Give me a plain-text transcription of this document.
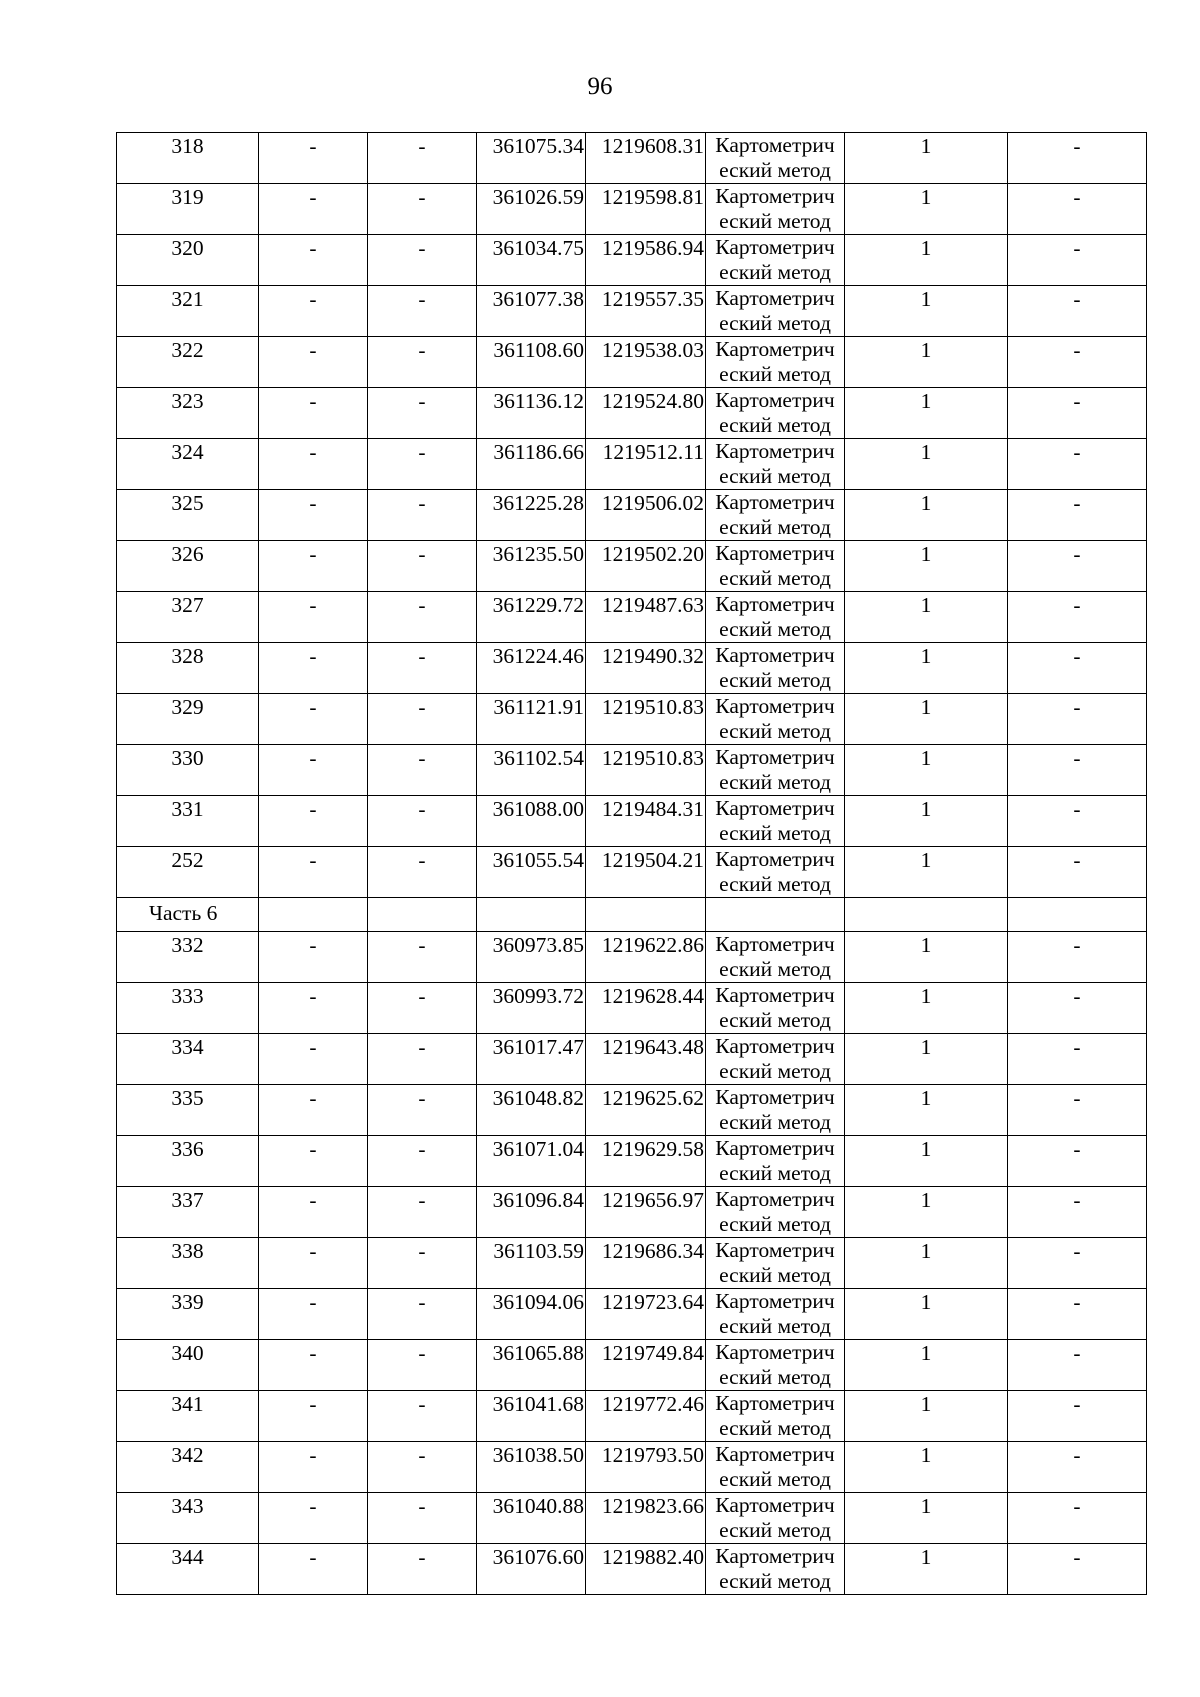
96
318	-	-	361075.34	1219608.31	Картометрич
еский метод	1	-
319	-	-	361026.59	1219598.81	Картометрич
еский метод	1	-
320	-	-	361034.75	1219586.94	Картометрич
еский метод	1	-
321	-	-	361077.38	1219557.35	Картометрич
еский метод	1	-
322	-	-	361108.60	1219538.03	Картометрич
еский метод	1	-
323	-	-	361136.12	1219524.80	Картометрич
еский метод	1	-
324	-	-	361186.66	1219512.11	Картометрич
еский метод	1	-
325	-	-	361225.28	1219506.02	Картометрич
еский метод	1	-
326	-	-	361235.50	1219502.20	Картометрич
еский метод	1	-
327	-	-	361229.72	1219487.63	Картометрич
еский метод	1	-
328	-	-	361224.46	1219490.32	Картометрич
еский метод	1	-
329	-	-	361121.91	1219510.83	Картометрич
еский метод	1	-
330	-	-	361102.54	1219510.83	Картометрич
еский метод	1	-
331	-	-	361088.00	1219484.31	Картометрич
еский метод	1	-
252	-	-	361055.54	1219504.21	Картометрич
еский метод	1	-
Часть 6							
332	-	-	360973.85	1219622.86	Картометрич
еский метод	1	-
333	-	-	360993.72	1219628.44	Картометрич
еский метод	1	-
334	-	-	361017.47	1219643.48	Картометрич
еский метод	1	-
335	-	-	361048.82	1219625.62	Картометрич
еский метод	1	-
336	-	-	361071.04	1219629.58	Картометрич
еский метод	1	-
337	-	-	361096.84	1219656.97	Картометрич
еский метод	1	-
338	-	-	361103.59	1219686.34	Картометрич
еский метод	1	-
339	-	-	361094.06	1219723.64	Картометрич
еский метод	1	-
340	-	-	361065.88	1219749.84	Картометрич
еский метод	1	-
341	-	-	361041.68	1219772.46	Картометрич
еский метод	1	-
342	-	-	361038.50	1219793.50	Картометрич
еский метод	1	-
343	-	-	361040.88	1219823.66	Картометрич
еский метод	1	-
344	-	-	361076.60	1219882.40	Картометрич
еский метод	1	-
